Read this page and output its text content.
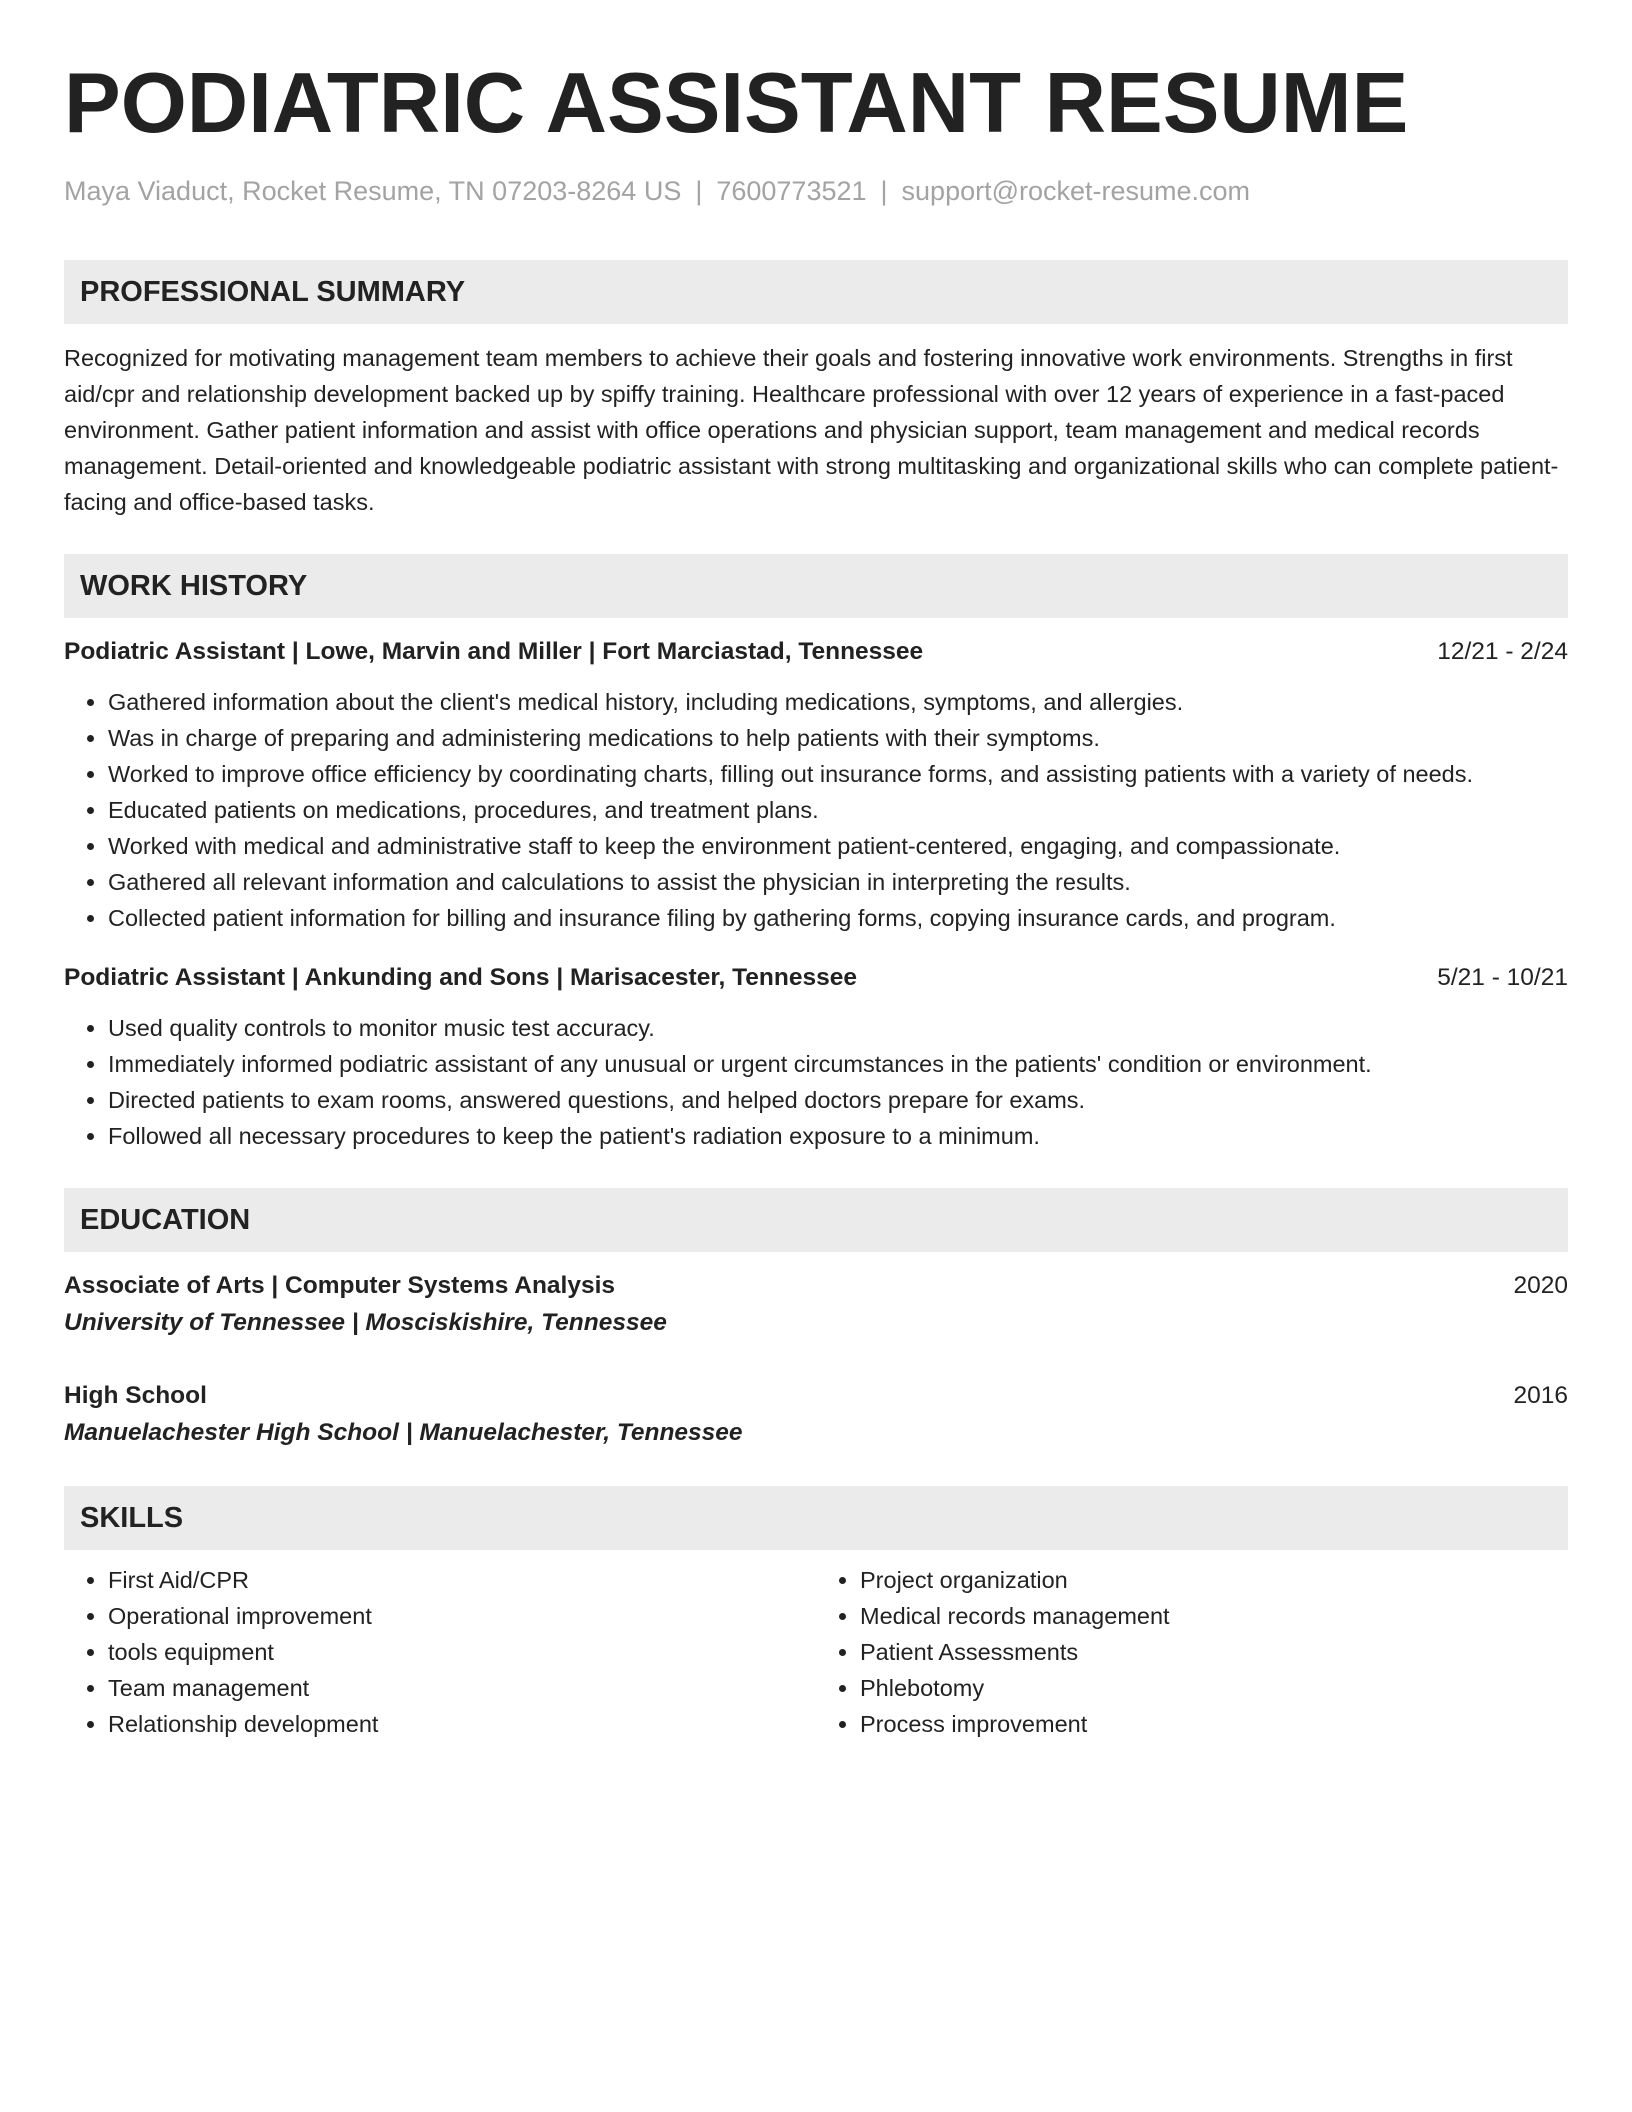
PODIATRIC ASSISTANT RESUME
Maya Viaduct, Rocket Resume, TN 07203-8264 US | 7600773521 | support@rocket-resume.com
PROFESSIONAL SUMMARY

Recognized for motivating management team members to achieve their goals and fostering innovative work environments. Strengths in first aid/cpr and relationship development backed up by spiffy training. Healthcare professional with over 12 years of experience in a fast-paced environment. Gather patient information and assist with office operations and physician support, team management and medical records management. Detail-oriented and knowledgeable podiatric assistant with strong multitasking and organizational skills who can complete patient-facing and office-based tasks.

WORK HISTORY
Podiatric Assistant | Lowe, Marvin and Miller | Fort Marciastad, Tennessee	12/21 - 2/24
• Gathered information about the client's medical history, including medications, symptoms, and allergies.
• Was in charge of preparing and administering medications to help patients with their symptoms.
• Worked to improve office efficiency by coordinating charts, filling out insurance forms, and assisting patients with a variety of needs.
• Educated patients on medications, procedures, and treatment plans.
• Worked with medical and administrative staff to keep the environment patient-centered, engaging, and compassionate.
• Gathered all relevant information and calculations to assist the physician in interpreting the results.
• Collected patient information for billing and insurance filing by gathering forms, copying insurance cards, and program.
Podiatric Assistant | Ankunding and Sons | Marisacester, Tennessee	5/21 - 10/21
• Used quality controls to monitor music test accuracy.
• Immediately informed podiatric assistant of any unusual or urgent circumstances in the patients' condition or environment.
• Directed patients to exam rooms, answered questions, and helped doctors prepare for exams.
• Followed all necessary procedures to keep the patient's radiation exposure to a minimum.
EDUCATION
Associate of Arts | Computer Systems Analysis	2020
University of Tennessee | Mosciskishire, Tennessee
High School	2016
Manuelachester High School | Manuelachester, Tennessee
SKILLS
• First Aid/CPR
• Operational improvement
• tools equipment
• Team management
• Relationship development
• Project organization
• Medical records management
• Patient Assessments
• Phlebotomy
• Process improvement
